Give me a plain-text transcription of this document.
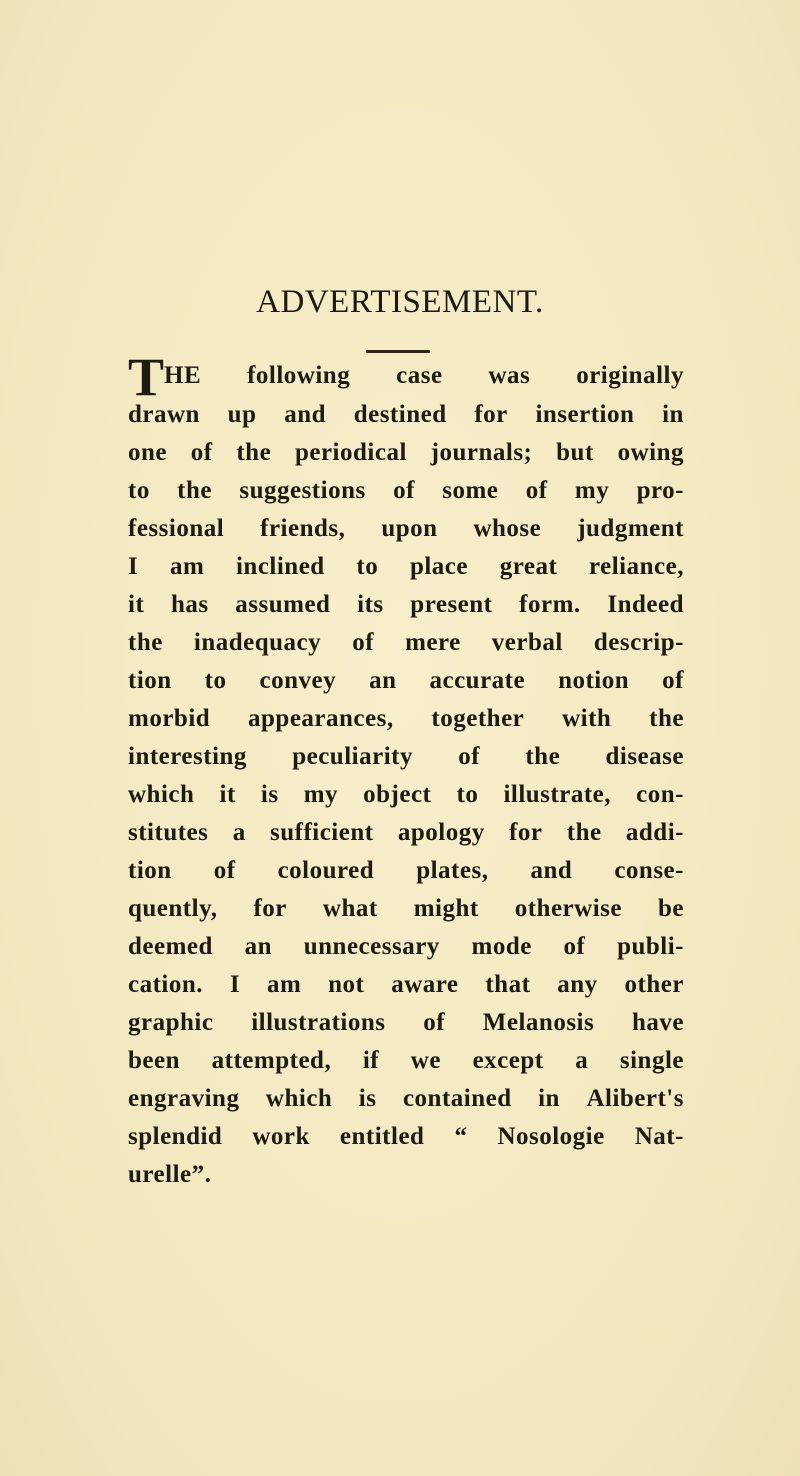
ADVERTISEMENT.
THE following case was originally
drawn up and destined for insertion in
one of the periodical journals; but owing
to the suggestions of some of my pro-
fessional friends, upon whose judgment
I am inclined to place great reliance,
it has assumed its present form. Indeed
the inadequacy of mere verbal descrip-
tion to convey an accurate notion of
morbid appearances, together with the
interesting peculiarity of the disease
which it is my object to illustrate, con-
stitutes a sufficient apology for the addi-
tion of coloured plates, and conse-
quently, for what might otherwise be
deemed an unnecessary mode of publi-
cation. I am not aware that any other
graphic illustrations of Melanosis have
been attempted, if we except a single
engraving which is contained in Alibert's
splendid work entitled “ Nosologie Nat-
urelle”.
